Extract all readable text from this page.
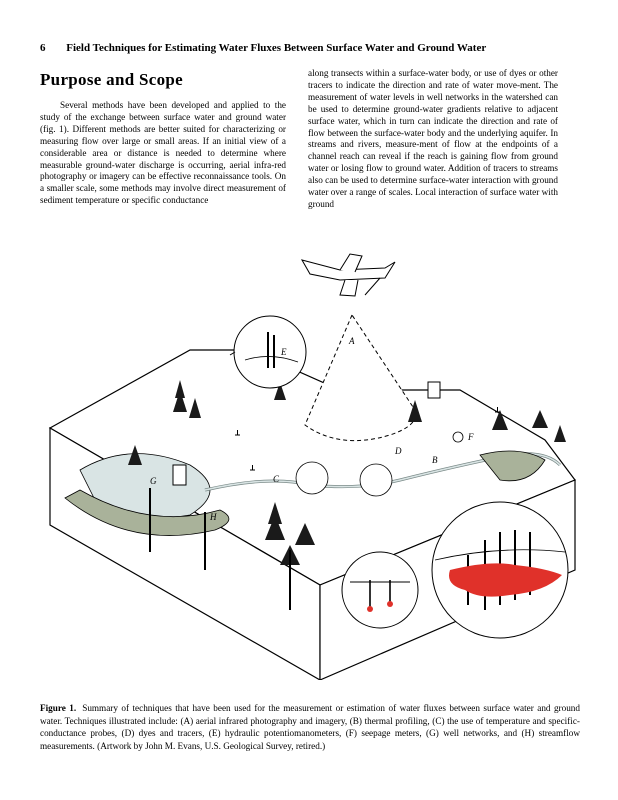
6 Field Techniques for Estimating Water Fluxes Between Surface Water and Ground Water
Purpose and Scope

Several methods have been developed and applied to the study of the exchange between surface water and ground water (fig. 1). Different methods are better suited for characterizing or measuring flow over large or small areas. If an initial view of a considerable area or distance is needed to determine where measurable ground-water discharge is occurring, aerial infra-red photography or imagery can be effective reconnaissance tools. On a smaller scale, some methods may involve direct measurement of sediment temperature or specific conductance

along transects within a surface-water body, or use of dyes or other tracers to indicate the direction and rate of water move-ment. The measurement of water levels in well networks in the watershed can be used to determine ground-water gradients relative to adjacent surface water, which in turn can indicate the direction and rate of flow between the surface-water body and the underlying aquifer. In streams and rivers, measure-ment of flow at the endpoints of a channel reach can reveal if the reach is gaining flow from ground water or losing flow to ground water. Addition of tracers to streams also can be used to determine surface-water interaction with ground water over a range of scales. Local interaction of surface water with ground

A
B
C
D
E
F
G
H
Figure 1. Summary of techniques that have been used for the measurement or estimation of water fluxes between surface water and ground water. Techniques illustrated include: (A) aerial infrared photography and imagery, (B) thermal profiling, (C) the use of temperature and specific-conductance probes, (D) dyes and tracers, (E) hydraulic potentiomanometers, (F) seepage meters, (G) well networks, and (H) streamflow measurements. (Artwork by John M. Evans, U.S. Geological Survey, retired.)
